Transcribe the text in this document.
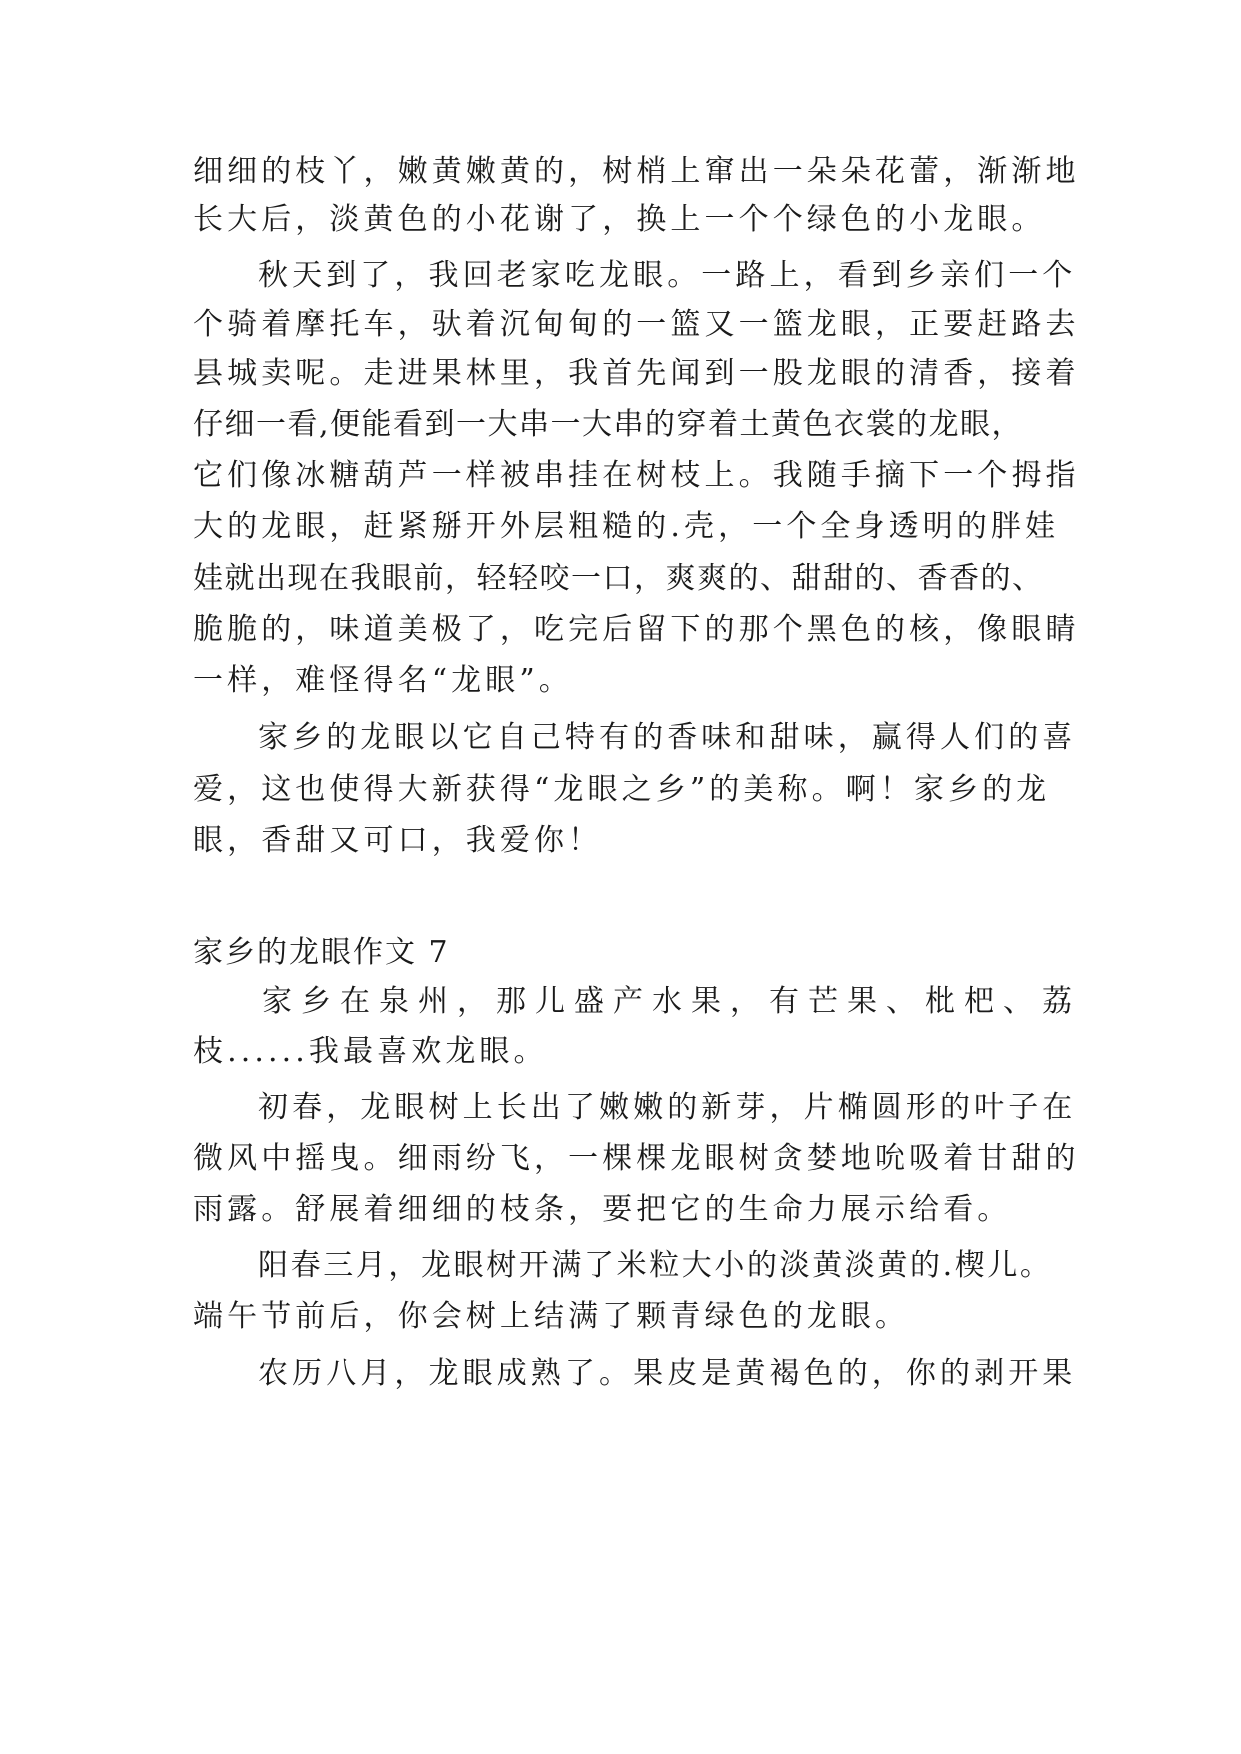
细细的枝丫，嫩黄嫩黄的，树梢上窜出一朵朵花蕾，渐渐地
长大后，淡黄色的小花谢了，换上一个个绿色的小龙眼。
秋天到了，我回老家吃龙眼。一路上，看到乡亲们一个
个骑着摩托车，驮着沉甸甸的一篮又一篮龙眼，正要赶路去
县城卖呢。走进果林里，我首先闻到一股龙眼的清香，接着
仔细一看,便能看到一大串一大串的穿着土黄色衣裳的龙眼，
它们像冰糖葫芦一样被串挂在树枝上。我随手摘下一个拇指
大的龙眼，赶紧掰开外层粗糙的.壳，一个全身透明的胖娃
娃就出现在我眼前，轻轻咬一口，爽爽的、甜甜的、香香的、
脆脆的，味道美极了，吃完后留下的那个黑色的核，像眼睛
一样，难怪得名“龙眼”。
家乡的龙眼以它自己特有的香味和甜味，赢得人们的喜
爱，这也使得大新获得“龙眼之乡”的美称。啊！家乡的龙
眼，香甜又可口，我爱你！
家乡的龙眼作文 7
家乡在泉州，那儿盛产水果，有芒果、枇杷、荔
枝......我最喜欢龙眼。
初春，龙眼树上长出了嫩嫩的新芽，片椭圆形的叶子在
微风中摇曳。细雨纷飞，一棵棵龙眼树贪婪地吮吸着甘甜的
雨露。舒展着细细的枝条，要把它的生命力展示给看。
阳春三月，龙眼树开满了米粒大小的淡黄淡黄的.楔儿。
端午节前后，你会树上结满了颗青绿色的龙眼。
农历八月，龙眼成熟了。果皮是黄褐色的，你的剥开果
